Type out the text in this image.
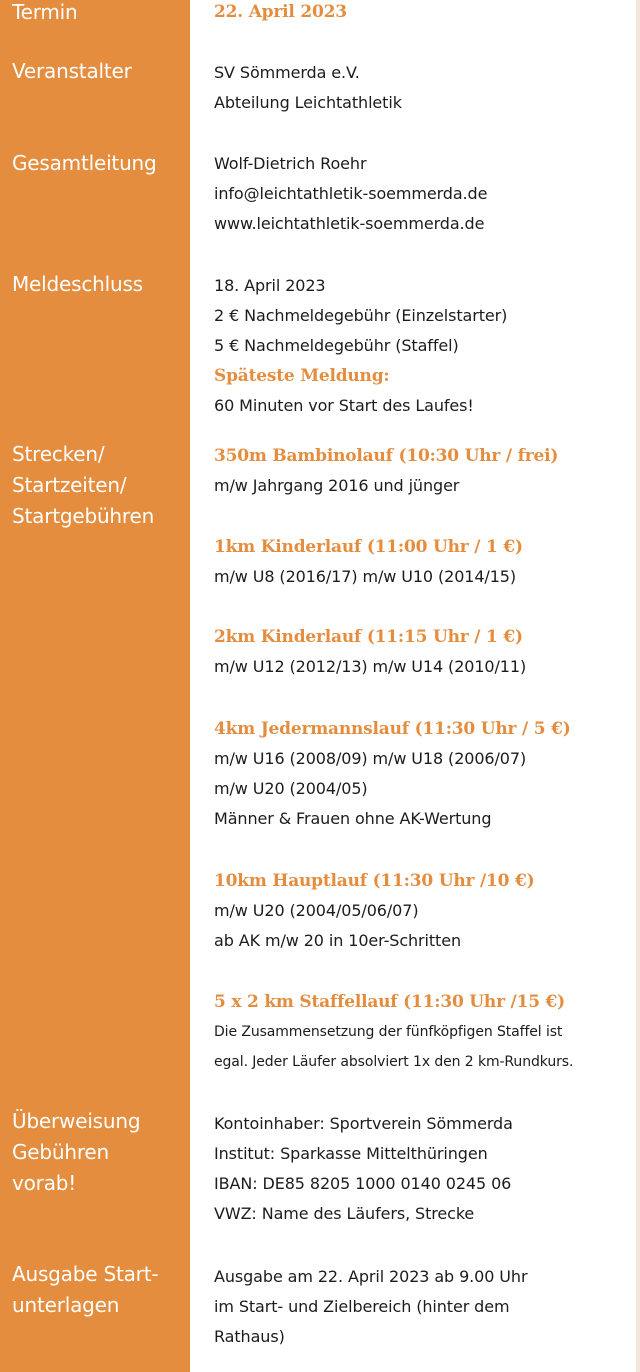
Termin
Veranstalter
Gesamtleitung
Meldeschluss
Strecken/
Startzeiten/
Startgebühren
Überweisung
Gebühren
vorab!
Ausgabe Start-
unterlagen
22. April 2023
SV Sömmerda e.V.
Abteilung Leichtathletik
Wolf-Dietrich Roehr
info@leichtathletik-soemmerda.de
www.leichtathletik-soemmerda.de
18. April 2023
2 € Nachmeldegebühr (Einzelstarter)
5 € Nachmeldegebühr (Staffel)
Späteste Meldung:
60 Minuten vor Start des Laufes!
350m Bambinolauf (10:30 Uhr / frei)
m/w Jahrgang 2016 und jünger
1km Kinderlauf (11:00 Uhr / 1 €)
m/w U8 (2016/17) m/w U10 (2014/15)
2km Kinderlauf (11:15 Uhr / 1 €)
m/w U12 (2012/13) m/w U14 (2010/11)
4km Jedermannslauf (11:30 Uhr / 5 €)
m/w U16 (2008/09) m/w U18 (2006/07)
m/w U20 (2004/05)
Männer & Frauen ohne AK-Wertung
10km Hauptlauf (11:30 Uhr /10 €)
m/w U20 (2004/05/06/07)
ab AK m/w 20 in 10er-Schritten
5 x 2 km Staffellauf (11:30 Uhr /15 €)
Die Zusammensetzung der fünfköpfigen Staffel ist
egal. Jeder Läufer absolviert 1x den 2 km-Rundkurs.
Kontoinhaber: Sportverein Sömmerda
Institut: Sparkasse Mittelthüringen
IBAN: DE85 8205 1000 0140 0245 06
VWZ: Name des Läufers, Strecke
Ausgabe am 22. April 2023 ab 9.00 Uhr
im Start- und Zielbereich (hinter dem
Rathaus)
